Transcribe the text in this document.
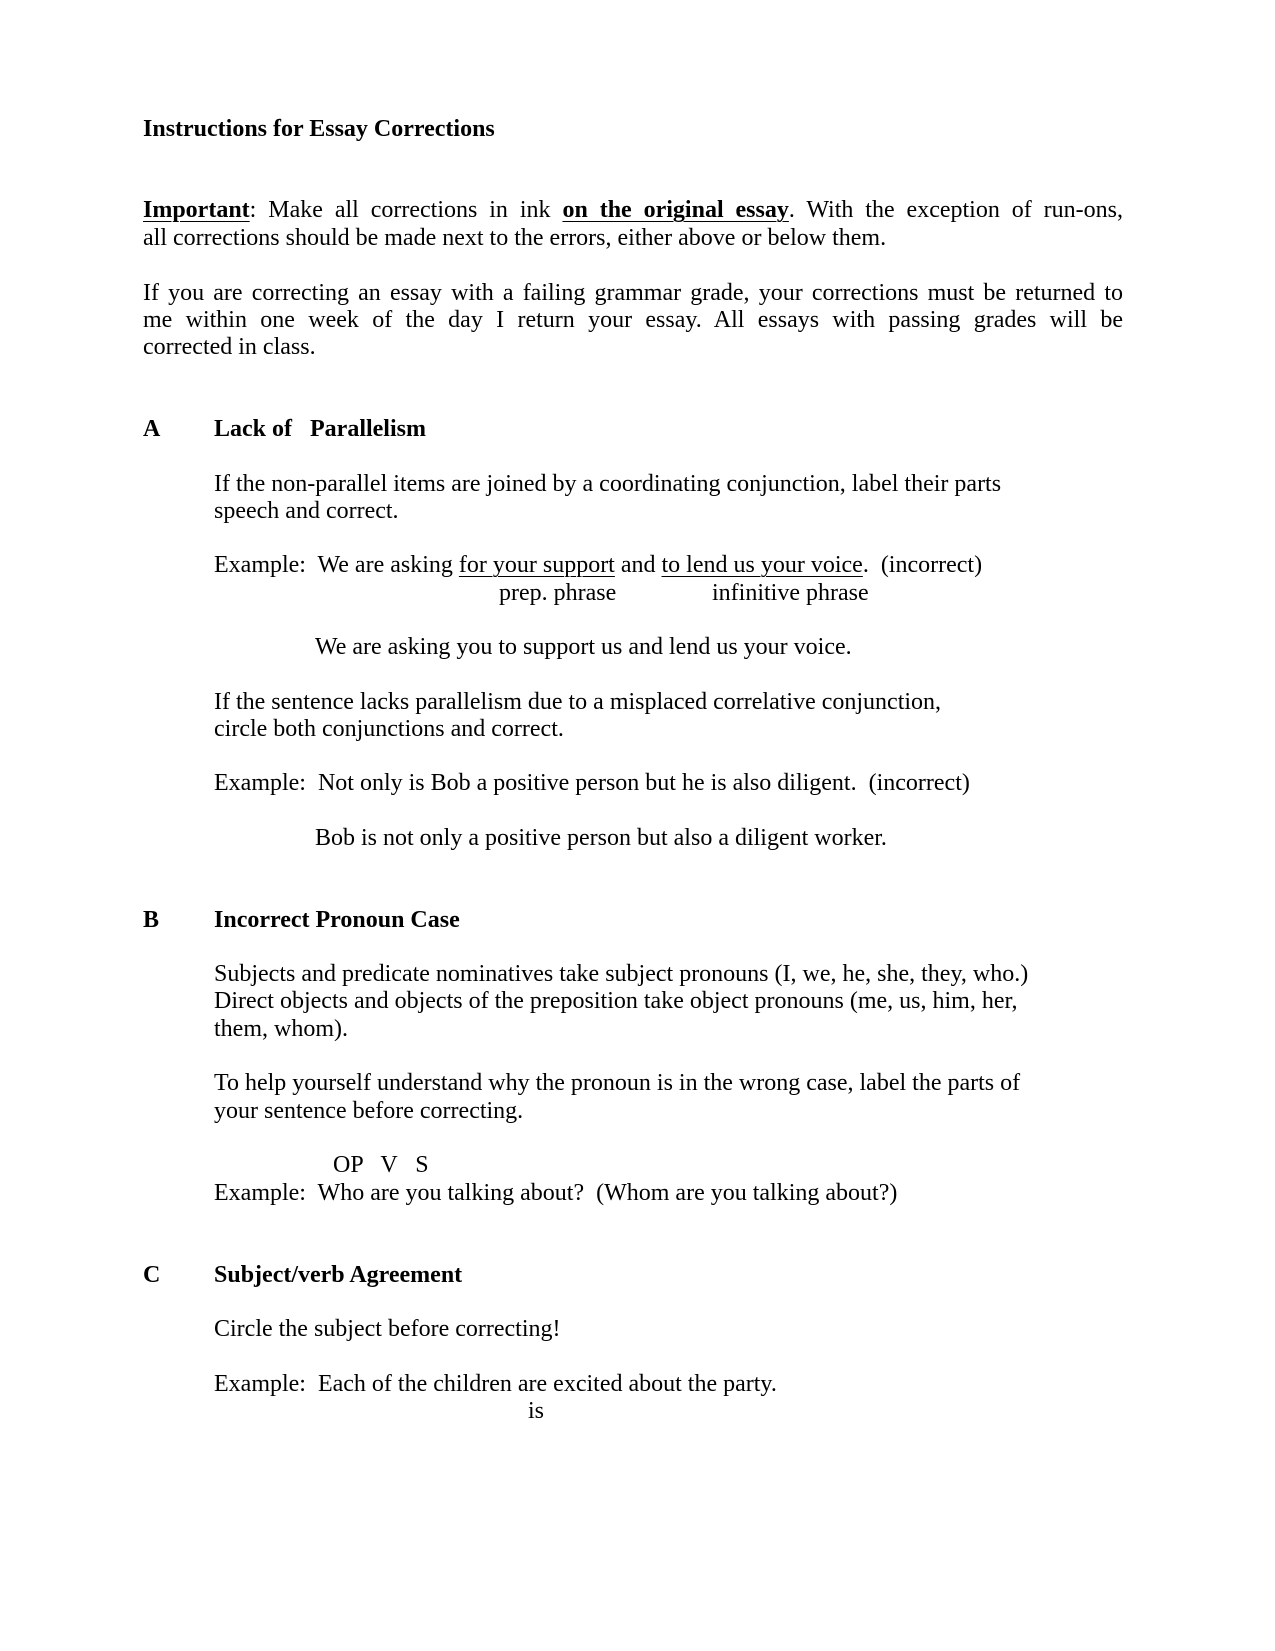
Instructions for Essay Corrections
Important: Make all corrections in ink on the original essay. With the exception of run-ons,
all corrections should be made next to the errors, either above or below them.
If you are correcting an essay with a failing grammar grade, your corrections must be returned to
me within one week of the day I return your essay. All essays with passing grades will be
corrected in class.
A Lack of   Parallelism
If the non-parallel items are joined by a coordinating conjunction, label their parts
speech and correct.
Example:  We are asking for your support and to lend us your voice.  (incorrect)
prep. phrase	infinitive phrase
We are asking you to support us and lend us your voice.
If the sentence lacks parallelism due to a misplaced correlative conjunction,
circle both conjunctions and correct.
Example:  Not only is Bob a positive person but he is also diligent.  (incorrect)
Bob is not only a positive person but also a diligent worker.
B Incorrect Pronoun Case
Subjects and predicate nominatives take subject pronouns (I, we, he, she, they, who.)
Direct objects and objects of the preposition take object pronouns (me, us, him, her,
them, whom).
To help yourself understand why the pronoun is in the wrong case, label the parts of
your sentence before correcting.
OP   V   S
Example:  Who are you talking about?  (Whom are you talking about?)
C Subject/verb Agreement
Circle the subject before correcting!
Example:  Each of the children are excited about the party.
is
